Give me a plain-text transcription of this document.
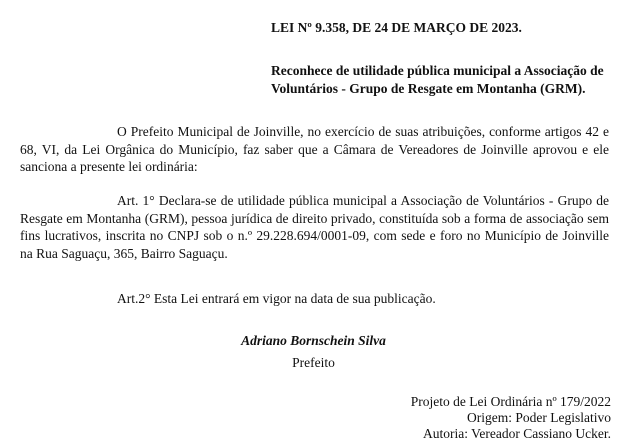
LEI Nº 9.358, DE 24 DE MARÇO DE 2023.
Reconhece de utilidade pública municipal a Associação de Voluntários - Grupo de Resgate em Montanha (GRM).
O Prefeito Municipal de Joinville, no exercício de suas atribuições, conforme artigos 42 e 68, VI, da Lei Orgânica do Município, faz saber que a Câmara de Vereadores de Joinville aprovou e ele sanciona a presente lei ordinária:
Art. 1° Declara-se de utilidade pública municipal a Associação de Voluntários - Grupo de Resgate em Montanha (GRM), pessoa jurídica de direito privado, constituída sob a forma de associação sem fins lucrativos, inscrita no CNPJ sob o n.º 29.228.694/0001-09, com sede e foro no Município de Joinville na Rua Saguaçu, 365, Bairro Saguaçu.
Art.2° Esta Lei entrará em vigor na data de sua publicação.
Adriano Bornschein Silva
Prefeito
Projeto de Lei Ordinária nº 179/2022
Origem: Poder Legislativo
Autoria: Vereador Cassiano Ucker.
